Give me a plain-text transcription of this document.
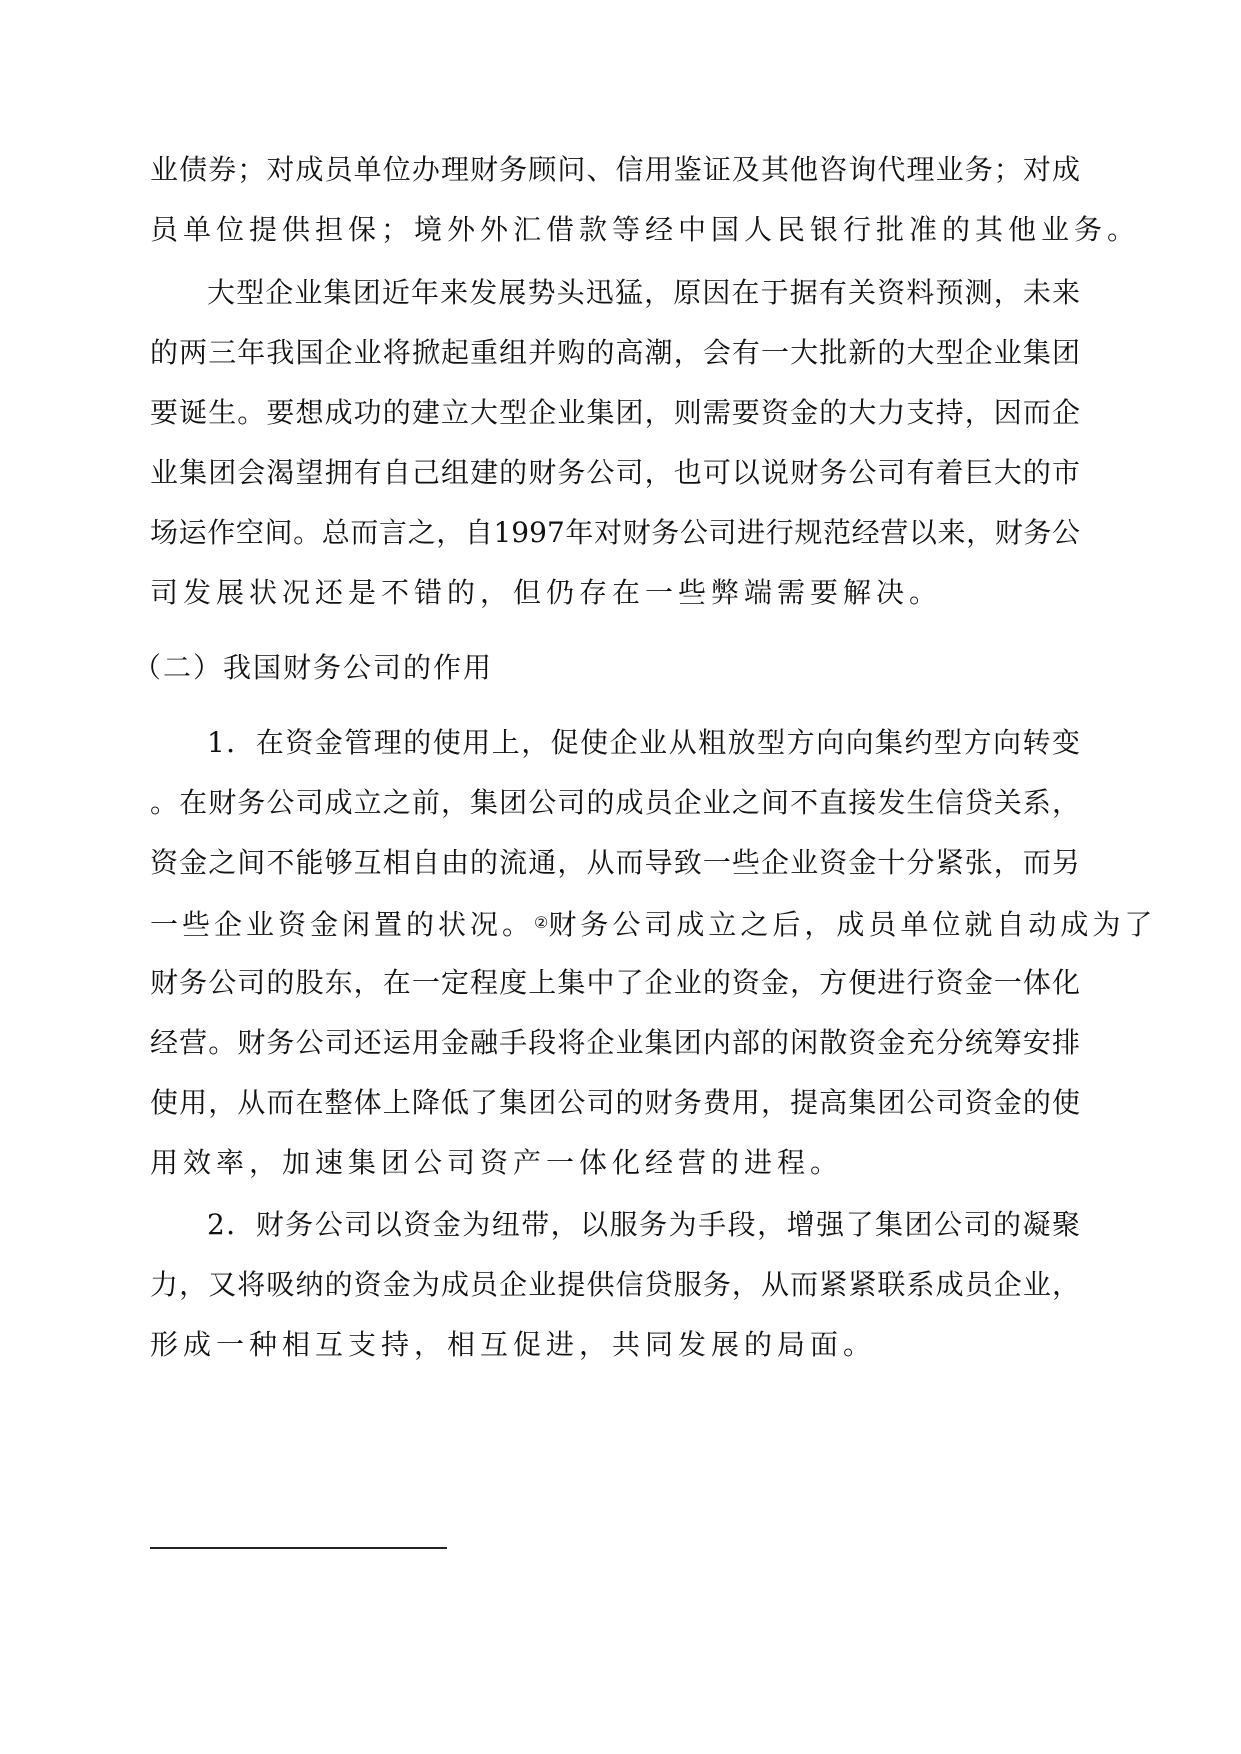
业债券；对成员单位办理财务顾问、信用鉴证及其他咨询代理业务；对成
员单位提供担保；境外外汇借款等经中国人民银行批准的其他业务。
大型企业集团近年来发展势头迅猛，原因在于据有关资料预测，未来
的两三年我国企业将掀起重组并购的高潮，会有一大批新的大型企业集团
要诞生。要想成功的建立大型企业集团，则需要资金的大力支持，因而企
业集团会渴望拥有自己组建的财务公司，也可以说财务公司有着巨大的市
场运作空间。总而言之，自1997年对财务公司进行规范经营以来，财务公
司发展状况还是不错的，但仍存在一些弊端需要解决。
（二）我国财务公司的作用
1．在资金管理的使用上，促使企业从粗放型方向向集约型方向转变
。在财务公司成立之前，集团公司的成员企业之间不直接发生信贷关系，
资金之间不能够互相自由的流通，从而导致一些企业资金十分紧张，而另
一些企业资金闲置的状况。②财务公司成立之后，成员单位就自动成为了
财务公司的股东，在一定程度上集中了企业的资金，方便进行资金一体化
经营。财务公司还运用金融手段将企业集团内部的闲散资金充分统筹安排
使用，从而在整体上降低了集团公司的财务费用，提高集团公司资金的使
用效率，加速集团公司资产一体化经营的进程。
2．财务公司以资金为纽带，以服务为手段，增强了集团公司的凝聚
力，又将吸纳的资金为成员企业提供信贷服务，从而紧紧联系成员企业，
形成一种相互支持，相互促进，共同发展的局面。
